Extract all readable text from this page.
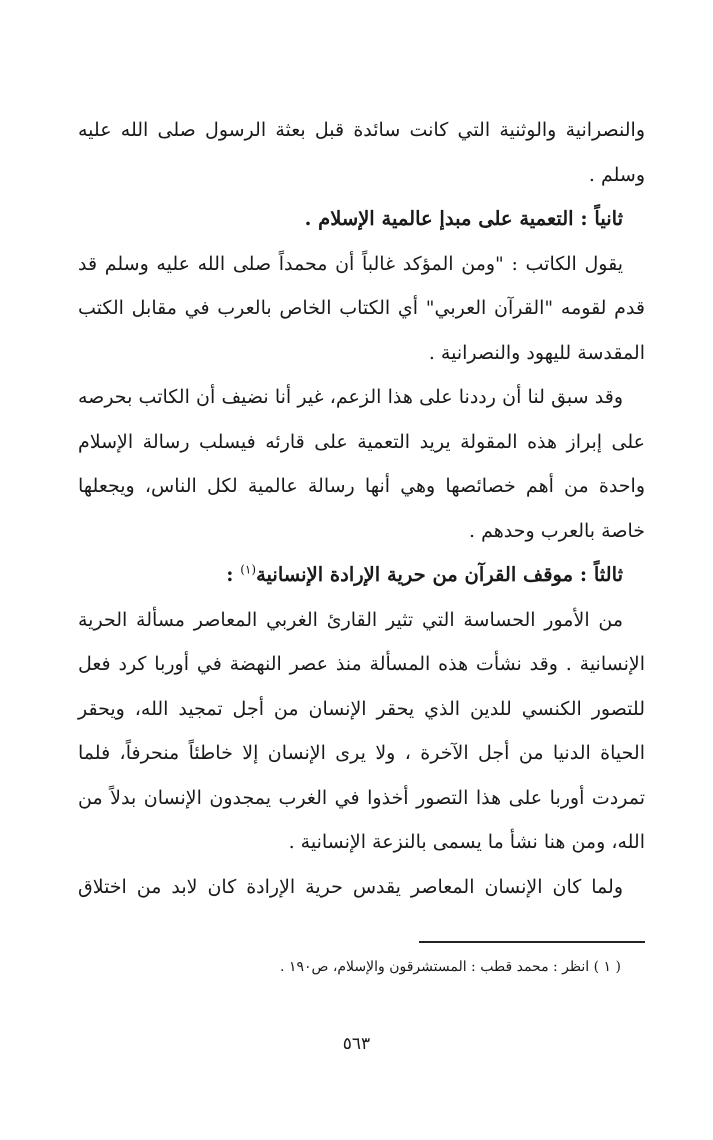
والنصرانية والوثنية التي كانت سائدة قبل بعثة الرسول صلى الله عليه وسلم .

ثانياً : التعمية على مبدإ عالمية الإسلام .

يقول الكاتب : "ومن المؤكد غالباً أن محمداً صلى الله عليه وسلم قد قدم لقومه "القرآن العربي" أي الكتاب الخاص بالعرب في مقابل الكتب المقدسة لليهود والنصرانية .

وقد سبق لنا أن رددنا على هذا الزعم، غير أنا نضيف أن الكاتب بحرصه على إبراز هذه المقولة يريد التعمية على قارئه فيسلب رسالة الإسلام واحدة من أهم خصائصها وهي أنها رسالة عالمية لكل الناس، ويجعلها خاصة بالعرب وحدهم .

ثالثاً : موقف القرآن من حرية الإرادة الإنسانية$^{(١)}$ :

من الأمور الحساسة التي تثير القارئ الغربي المعاصر مسألة الحرية الإنسانية . وقد نشأت هذه المسألة منذ عصر النهضة في أوربا كرد فعل للتصور الكنسي للدين الذي يحقر الإنسان من أجل تمجيد الله، ويحقر الحياة الدنيا من أجل الآخرة ، ولا يرى الإنسان إلا خاطئاً منحرفاً، فلما تمردت أوربا على هذا التصور أخذوا في الغرب يمجدون الإنسان بدلاً من الله، ومن هنا نشأ ما يسمى بالنزعة الإنسانية .

ولما كان الإنسان المعاصر يقدس حرية الإرادة كان لابد من اختلاق

( ١ ) انظر : محمد قطب : المستشرقون والإسلام، ص١٩٠ .
٥٦٣
